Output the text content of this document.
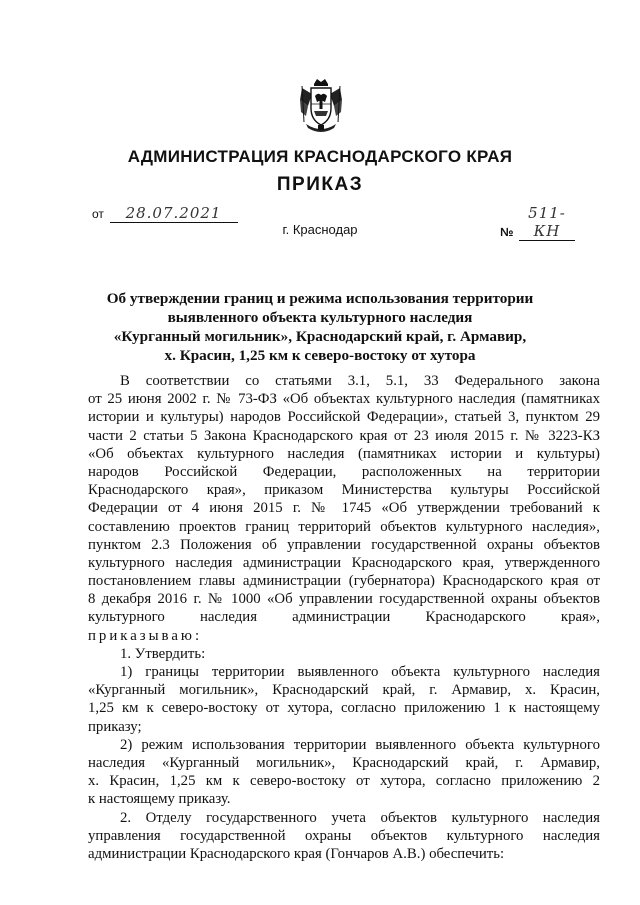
АДМИНИСТРАЦИЯ КРАСНОДАРСКОГО КРАЯ
ПРИКАЗ
от 28.07.2021
№ 511-КН
г. Краснодар
Об утверждении границ и режима использования территории
выявленного объекта культурного наследия
«Курганный могильник», Краснодарский край, г. Армавир,
х. Красин, 1,25 км к северо-востоку от хутора
В соответствии со статьями 3.1, 5.1, 33 Федерального закона
от 25 июня 2002 г. № 73-ФЗ «Об объектах культурного наследия (памятниках
истории и культуры) народов Российской Федерации», статьей 3, пунктом 29
части 2 статьи 5 Закона Краснодарского края от 23 июля 2015 г. № 3223-КЗ
«Об объектах культурного наследия (памятниках истории и культуры)
народов Российской Федерации, расположенных на территории
Краснодарского края», приказом Министерства культуры Российской
Федерации от 4 июня 2015 г. № 1745 «Об утверждении требований к
составлению проектов границ территорий объектов культурного наследия»,
пунктом 2.3 Положения об управлении государственной охраны объектов
культурного наследия администрации Краснодарского края, утвержденного
постановлением главы администрации (губернатора) Краснодарского края от
8 декабря 2016 г. № 1000 «Об управлении государственной охраны объектов
культурного наследия администрации Краснодарского края»,
приказываю:
1. Утвердить:
1) границы территории выявленного объекта культурного наследия
«Курганный могильник», Краснодарский край, г. Армавир, х. Красин,
1,25 км к северо-востоку от хутора, согласно приложению 1 к настоящему
приказу;
2) режим использования территории выявленного объекта культурного
наследия «Курганный могильник», Краснодарский край, г. Армавир,
х. Красин, 1,25 км к северо-востоку от хутора, согласно приложению 2
к настоящему приказу.
2. Отделу государственного учета объектов культурного наследия
управления государственной охраны объектов культурного наследия
администрации Краснодарского края (Гончаров А.В.) обеспечить:
